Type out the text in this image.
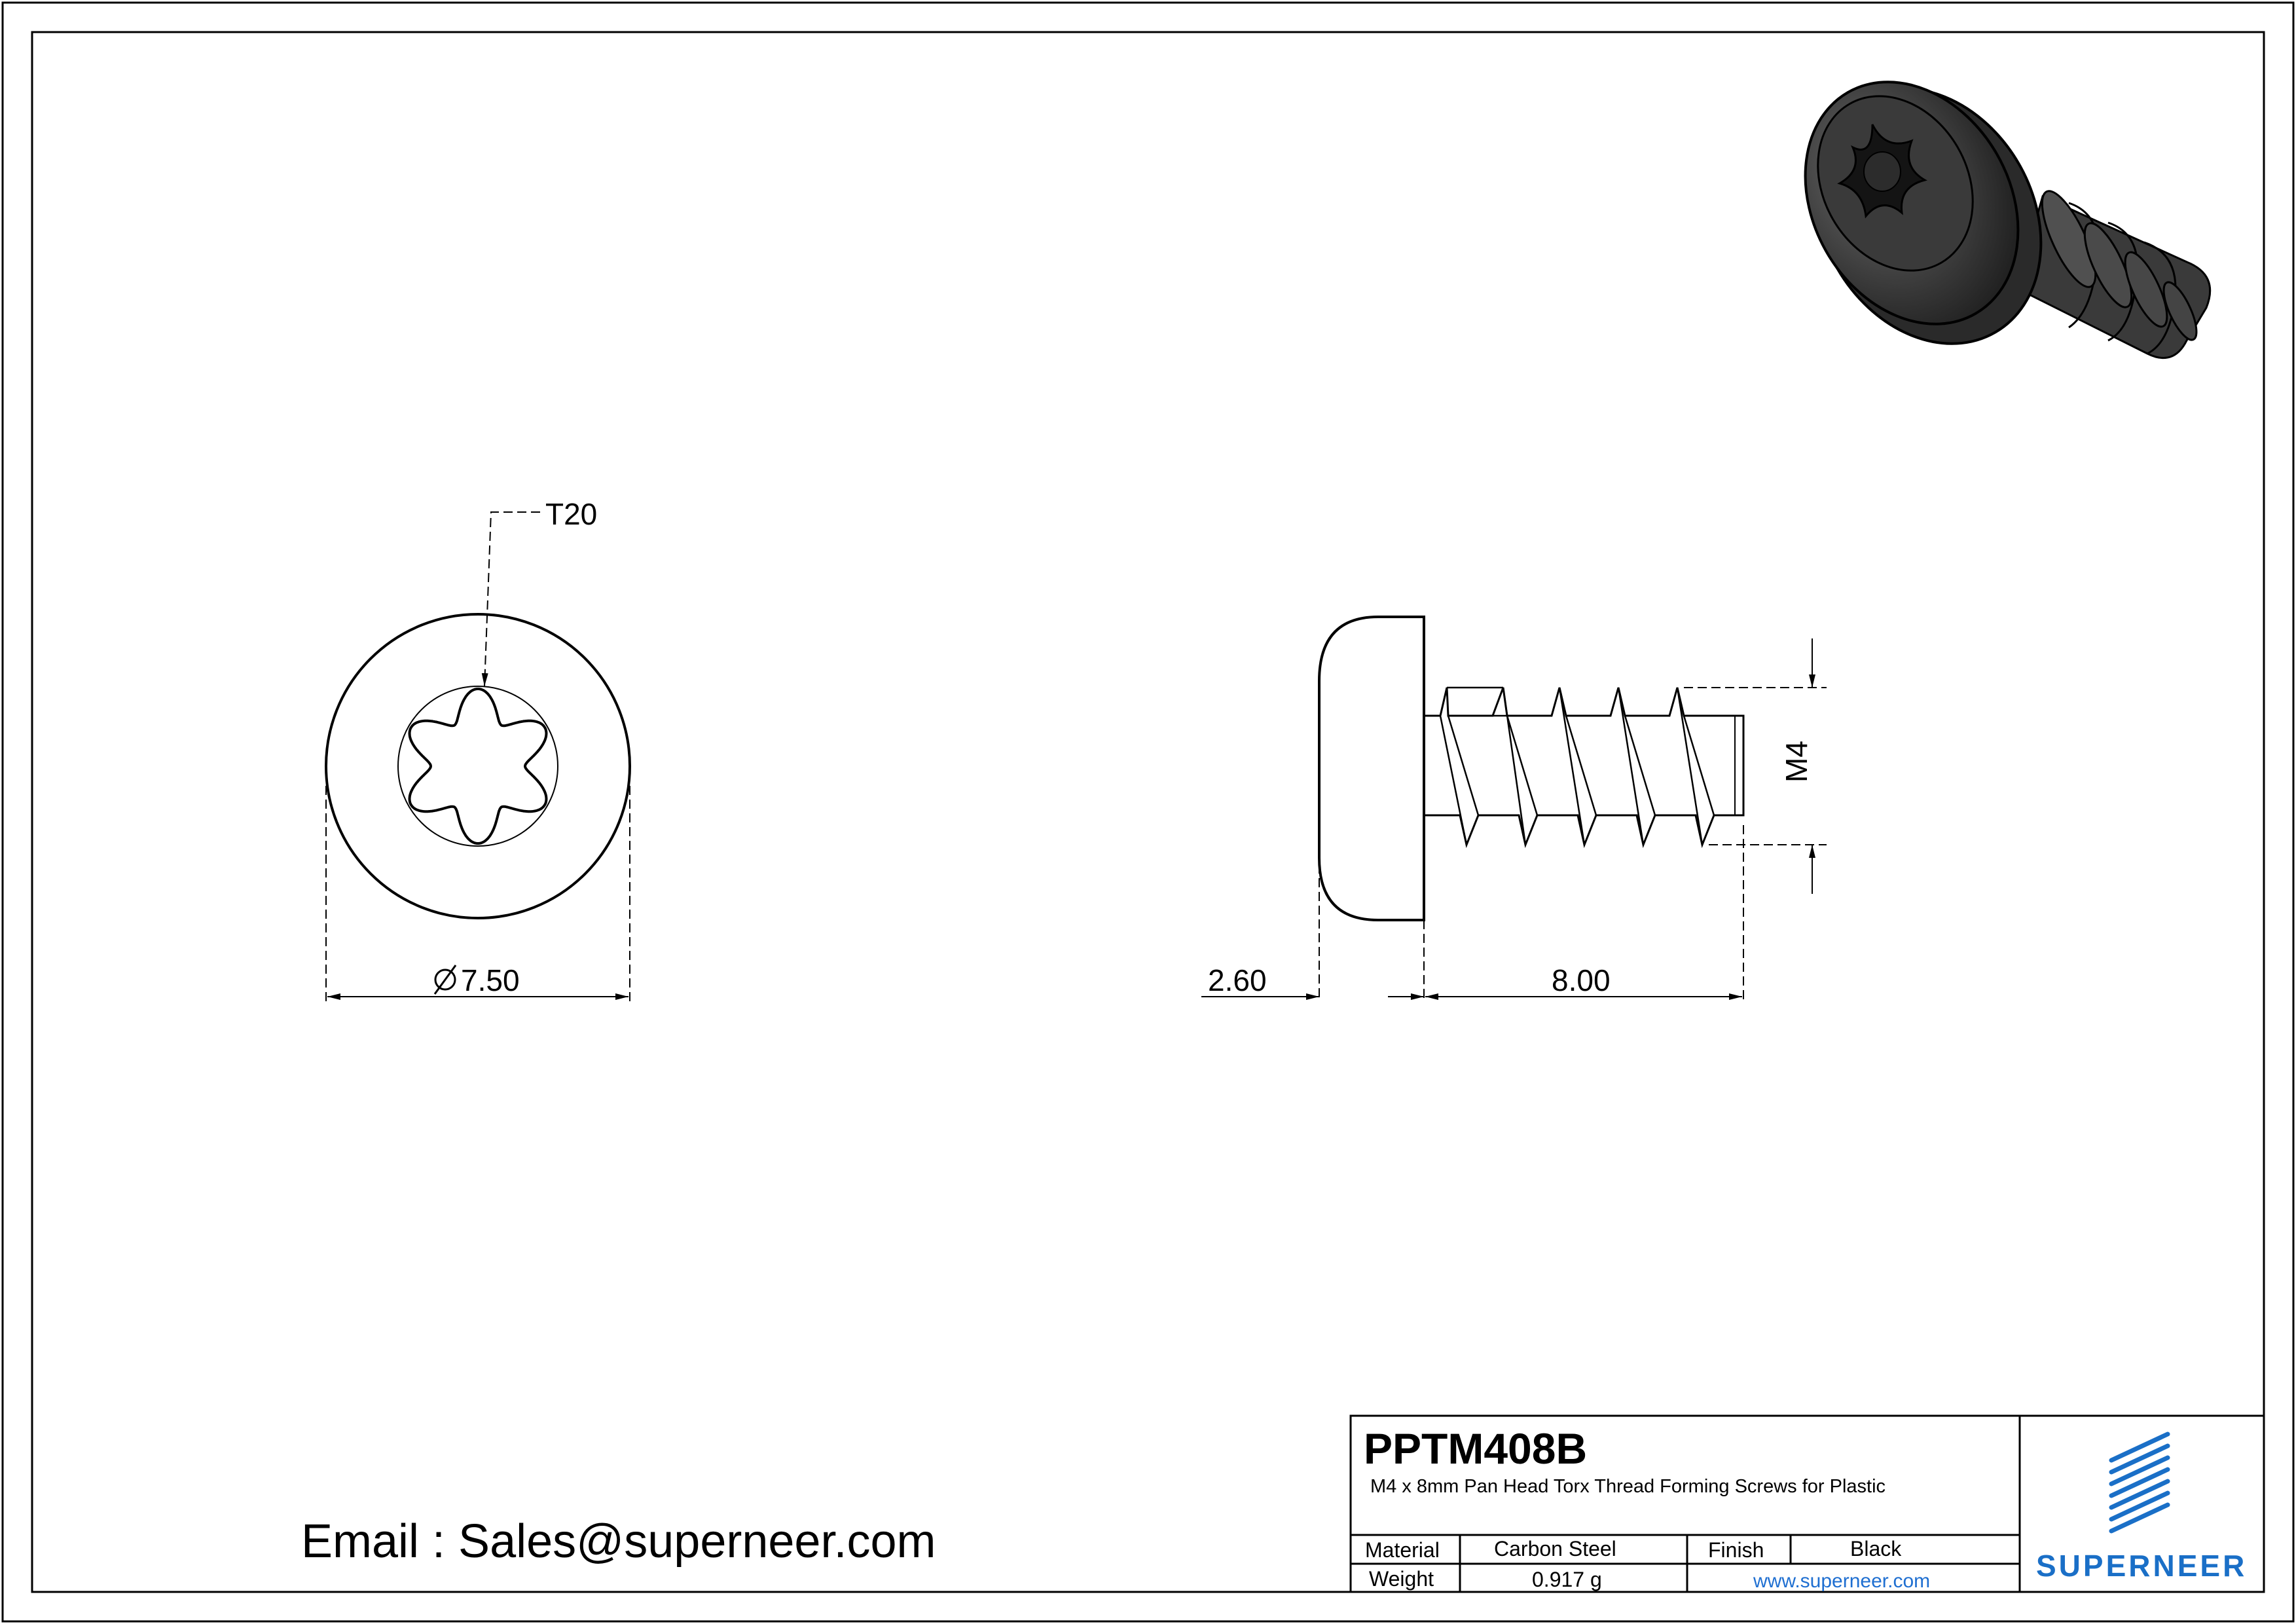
T20
7.50
M4
2.60	8.00
PPTM408B
M4 x 8mm Pan Head Torx Thread Forming Screws for Plastic
Material	Carbon Steel	Finish	Black
Weight	0.917 g	www.superneer.com	SUPERNEER
Email : Sales@superneer.com
